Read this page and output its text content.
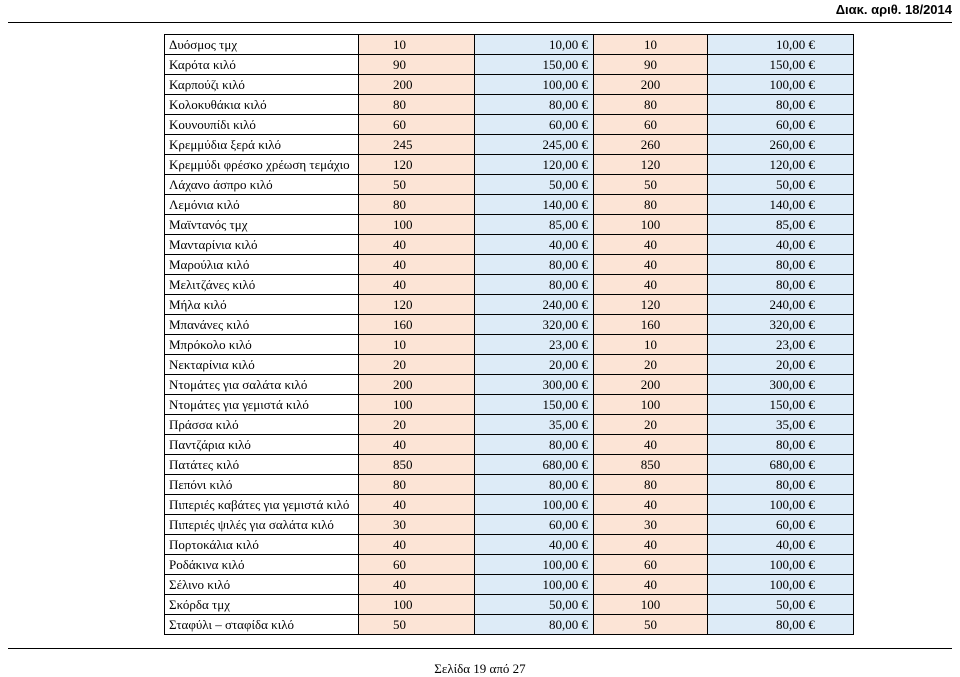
Διακ. αριθ. 18/2014
Δυόσμος τμχ	10	10,00 €	10	10,00 €
Καρότα κιλό	90	150,00 €	90	150,00 €
Καρπούζι κιλό	200	100,00 €	200	100,00 €
Κολοκυθάκια κιλό	80	80,00 €	80	80,00 €
Κουνουπίδι κιλό	60	60,00 €	60	60,00 €
Κρεμμύδια ξερά κιλό	245	245,00 €	260	260,00 €
Κρεμμύδι φρέσκο χρέωση τεμάχιο	120	120,00 €	120	120,00 €
Λάχανο άσπρο κιλό	50	50,00 €	50	50,00 €
Λεμόνια κιλό	80	140,00 €	80	140,00 €
Μαϊντανός τμχ	100	85,00 €	100	85,00 €
Μανταρίνια κιλό	40	40,00 €	40	40,00 €
Μαρούλια κιλό	40	80,00 €	40	80,00 €
Μελιτζάνες κιλό	40	80,00 €	40	80,00 €
Μήλα κιλό	120	240,00 €	120	240,00 €
Μπανάνες κιλό	160	320,00 €	160	320,00 €
Μπρόκολο κιλό	10	23,00 €	10	23,00 €
Νεκταρίνια κιλό	20	20,00 €	20	20,00 €
Ντομάτες για σαλάτα κιλό	200	300,00 €	200	300,00 €
Ντομάτες για γεμιστά κιλό	100	150,00 €	100	150,00 €
Πράσσα κιλό	20	35,00 €	20	35,00 €
Παντζάρια κιλό	40	80,00 €	40	80,00 €
Πατάτες κιλό	850	680,00 €	850	680,00 €
Πεπόνι κιλό	80	80,00 €	80	80,00 €
Πιπεριές καβάτες για γεμιστά κιλό	40	100,00 €	40	100,00 €
Πιπεριές ψιλές για σαλάτα κιλό	30	60,00 €	30	60,00 €
Πορτοκάλια κιλό	40	40,00 €	40	40,00 €
Ροδάκινα κιλό	60	100,00 €	60	100,00 €
Σέλινο κιλό	40	100,00 €	40	100,00 €
Σκόρδα τμχ	100	50,00 €	100	50,00 €
Σταφύλι – σταφίδα κιλό	50	80,00 €	50	80,00 €
Σελίδα 19 από 27
